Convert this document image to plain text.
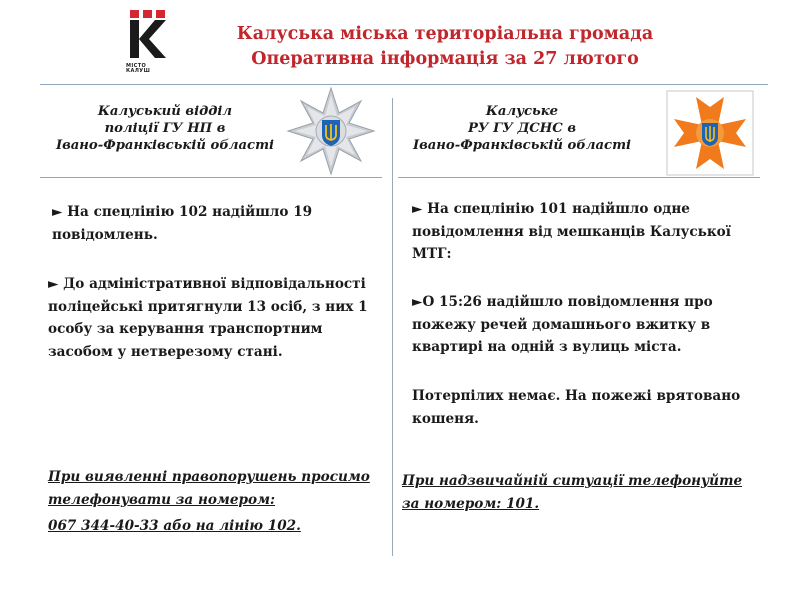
МІСТО КАЛУШ
Калуська міська територіальна громада
Оперативна інформація за 27 лютого
Калуський відділ
поліції ГУ НП в
Івано-Франківській області
Калуське
РУ ГУ ДСНС в
Івано-Франківській області
► На спецлінію 102 надійшло 19
повідомлень.
► До адміністративної відповідальності
поліцейські притягнули 13 осіб, з них 1
особу за керування транспортним
засобом у нетверезому стані.
При виявленні правопорушень просимо
телефонувати за номером:
067 344-40-33 або на лінію 102.
► На спецлінію 101 надійшло одне
повідомлення від мешканців Калуської
МТГ:
►О 15:26 надійшло повідомлення про
пожежу речей домашнього вжитку в
квартирі на одній з вулиць міста.
Потерпілих немає. На пожежі врятовано
кошеня.
При надзвичайній ситуації телефонуйте
за номером: 101.
